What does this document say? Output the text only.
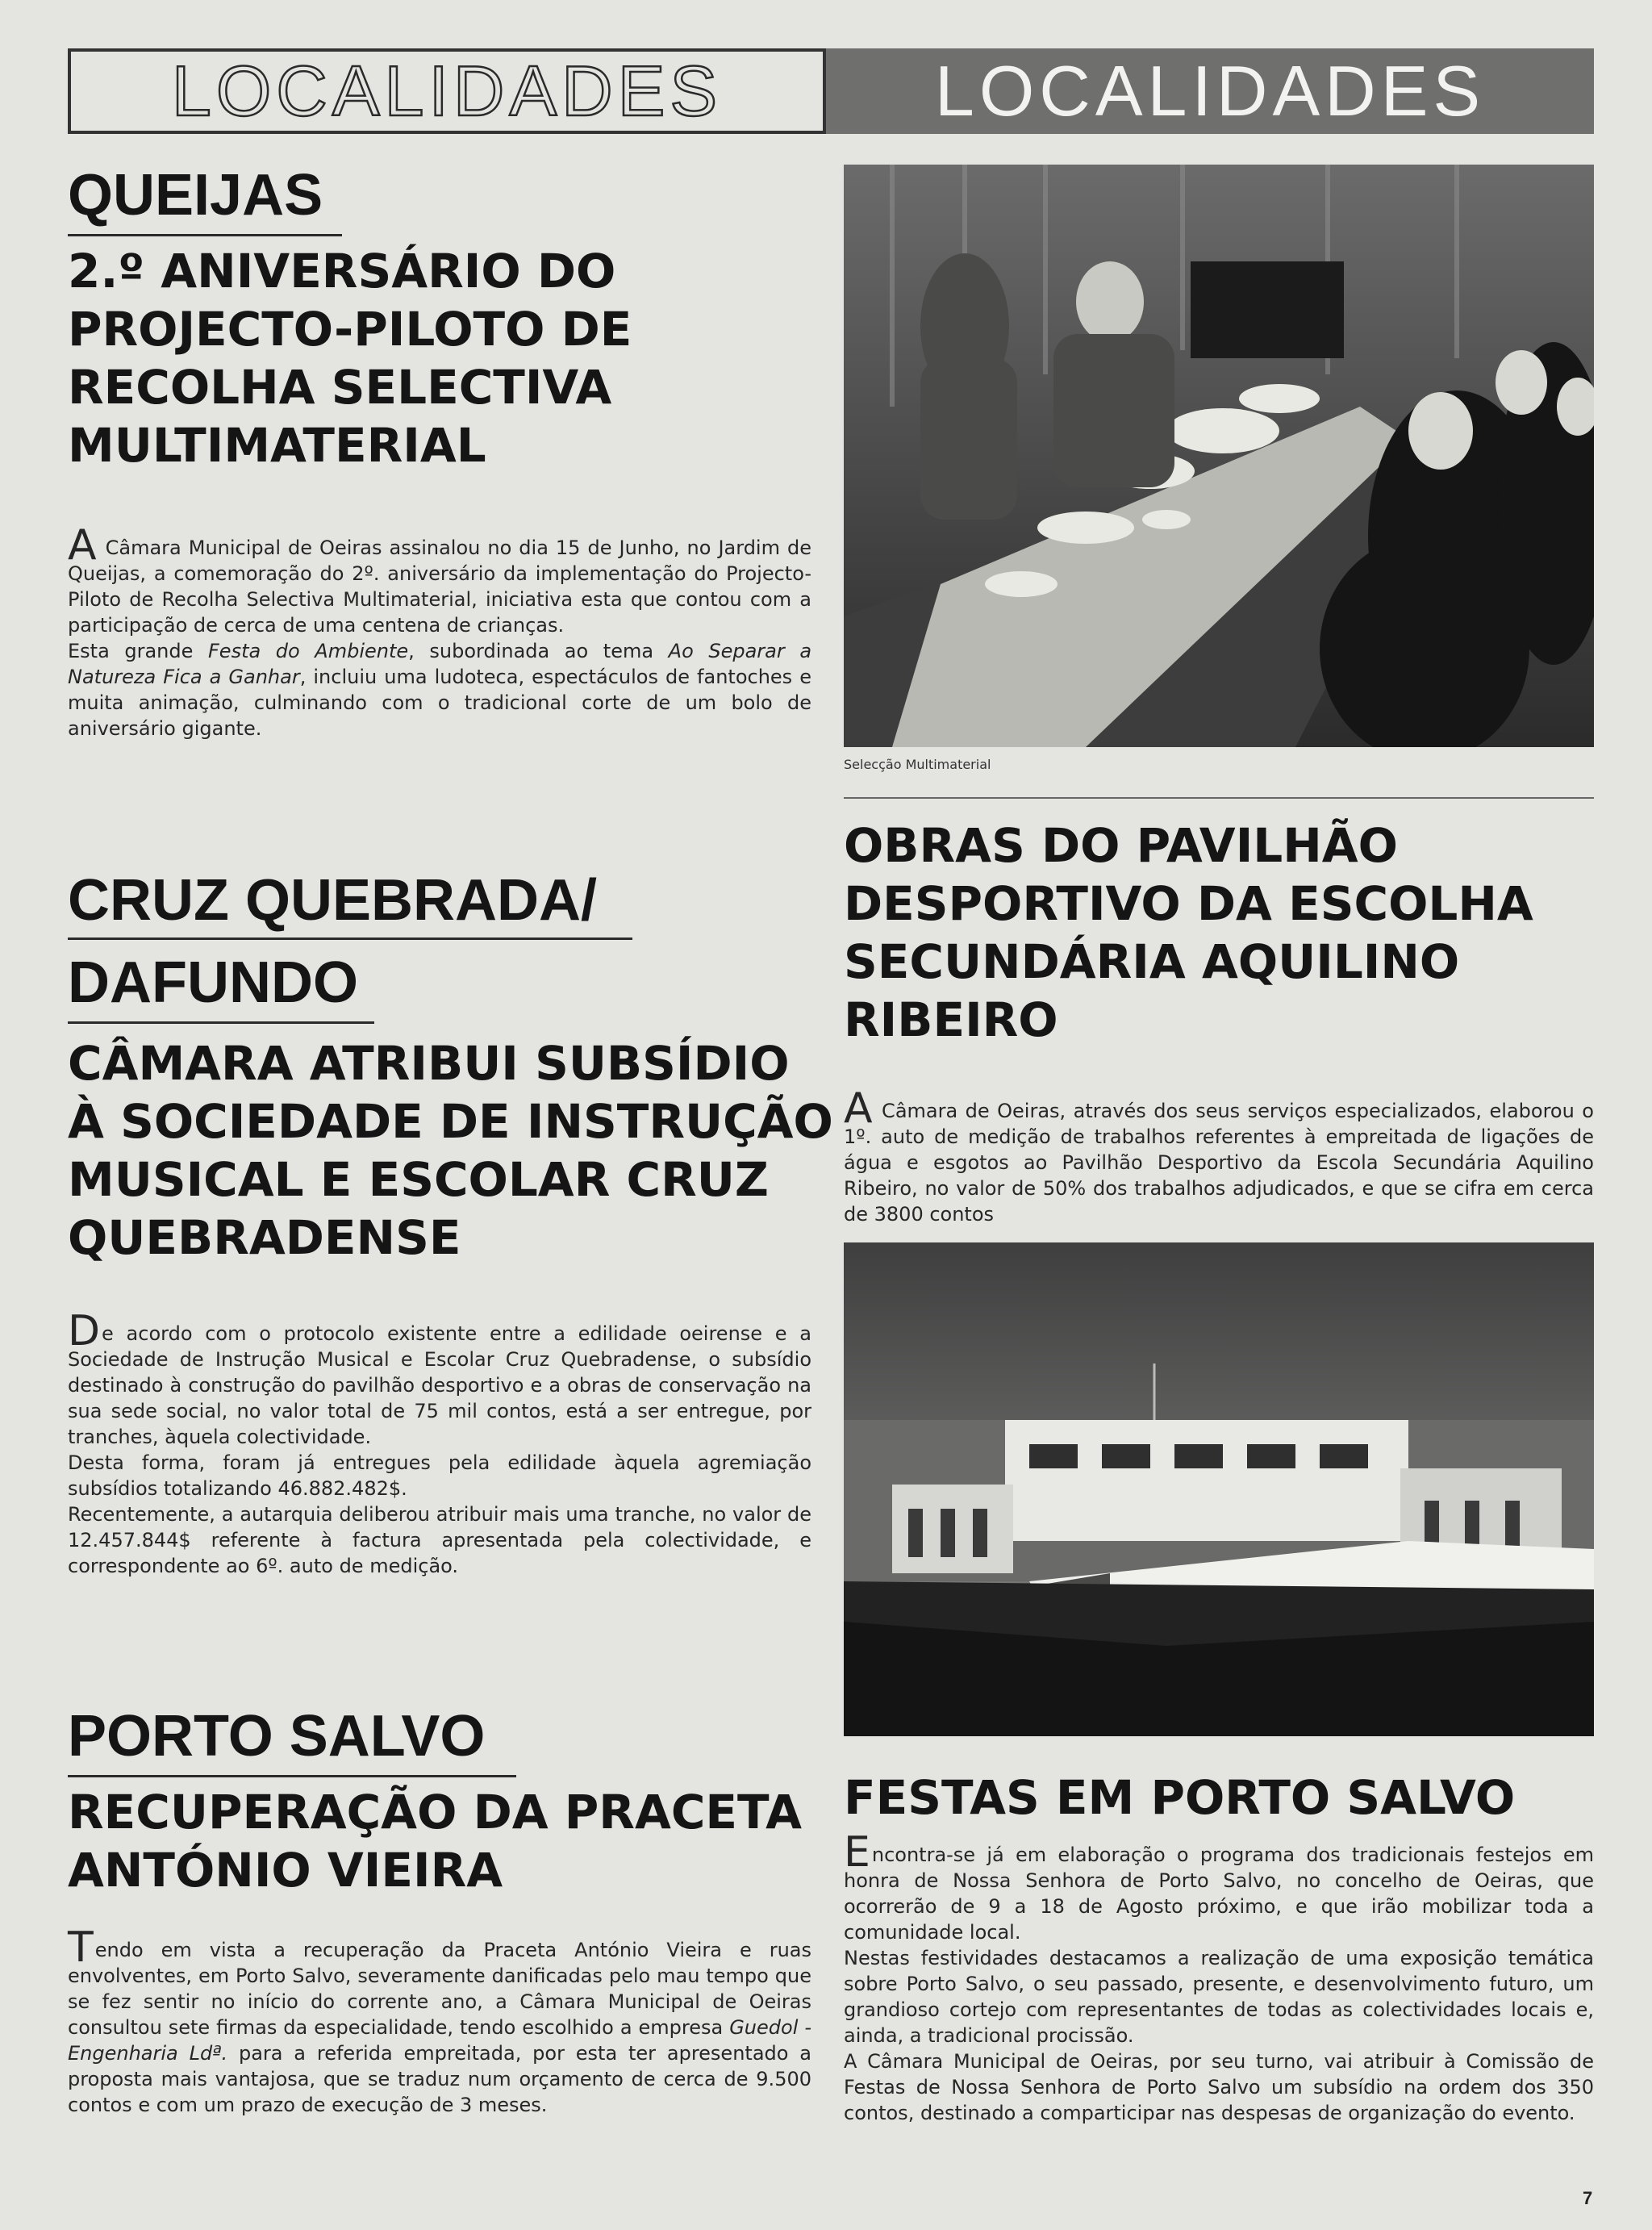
LOCALIDADES	LOCALIDADES
QUEIJAS
2.º ANIVERSÁRIO DO
PROJECTO-PILOTO DE
RECOLHA SELECTIVA
MULTIMATERIAL

A Câmara Municipal de Oeiras assinalou no dia 15 de Junho, no Jardim de Queijas, a comemoração do 2º. aniversário da implementação do Projecto-Piloto de Recolha Selectiva Multimaterial, iniciativa esta que contou com a participação de cerca de uma centena de crianças.

Esta grande Festa do Ambiente, subordinada ao tema Ao Separar a Natureza Fica a Ganhar, incluiu uma ludoteca, espectáculos de fantoches e muita animação, culminando com o tradicional corte de um bolo de aniversário gigante.

Selecção Multimaterial
CRUZ QUEBRADA/
DAFUNDO
CÂMARA ATRIBUI SUBSÍDIO
À SOCIEDADE DE INSTRUÇÃO
MUSICAL E ESCOLAR CRUZ
QUEBRADENSE

De acordo com o protocolo existente entre a edilidade oeirense e a Sociedade de Instrução Musical e Escolar Cruz Quebradense, o subsídio destinado à construção do pavilhão desportivo e a obras de conservação na sua sede social, no valor total de 75 mil contos, está a ser entregue, por tranches, àquela colectividade.

Desta forma, foram já entregues pela edilidade àquela agremiação subsídios totalizando 46.882.482$.

Recentemente, a autarquia deliberou atribuir mais uma tranche, no valor de 12.457.844$ referente à factura apresentada pela colectividade, e correspondente ao 6º. auto de medição.

OBRAS DO PAVILHÃO
DESPORTIVO DA ESCOLHA
SECUNDÁRIA AQUILINO
RIBEIRO

A Câmara de Oeiras, através dos seus serviços especializados, elaborou o 1º. auto de medição de trabalhos referentes à empreitada de ligações de água e esgotos ao Pavilhão Desportivo da Escola Secundária Aquilino Ribeiro, no valor de 50% dos trabalhos adjudicados, e que se cifra em cerca de 3800 contos

PORTO SALVO
RECUPERAÇÃO DA PRACETA
ANTÓNIO VIEIRA

Tendo em vista a recuperação da Praceta António Vieira e ruas envolventes, em Porto Salvo, severamente danificadas pelo mau tempo que se fez sentir no início do corrente ano, a Câmara Municipal de Oeiras consultou sete firmas da especialidade, tendo escolhido a empresa Guedol - Engenharia Ldª. para a referida empreitada, por esta ter apresentado a proposta mais vantajosa, que se traduz num orçamento de cerca de 9.500 contos e com um prazo de execução de 3 meses.

FESTAS EM PORTO SALVO

Encontra-se já em elaboração o programa dos tradicionais festejos em honra de Nossa Senhora de Porto Salvo, no concelho de Oeiras, que ocorrerão de 9 a 18 de Agosto próximo, e que irão mobilizar toda a comunidade local.

Nestas festividades destacamos a realização de uma exposição temática sobre Porto Salvo, o seu passado, presente, e desenvolvimento futuro, um grandioso cortejo com representantes de todas as colectividades locais e, ainda, a tradicional procissão.

A Câmara Municipal de Oeiras, por seu turno, vai atribuir à Comissão de Festas de Nossa Senhora de Porto Salvo um subsídio na ordem dos 350 contos, destinado a comparticipar nas despesas de organização do evento.

7
